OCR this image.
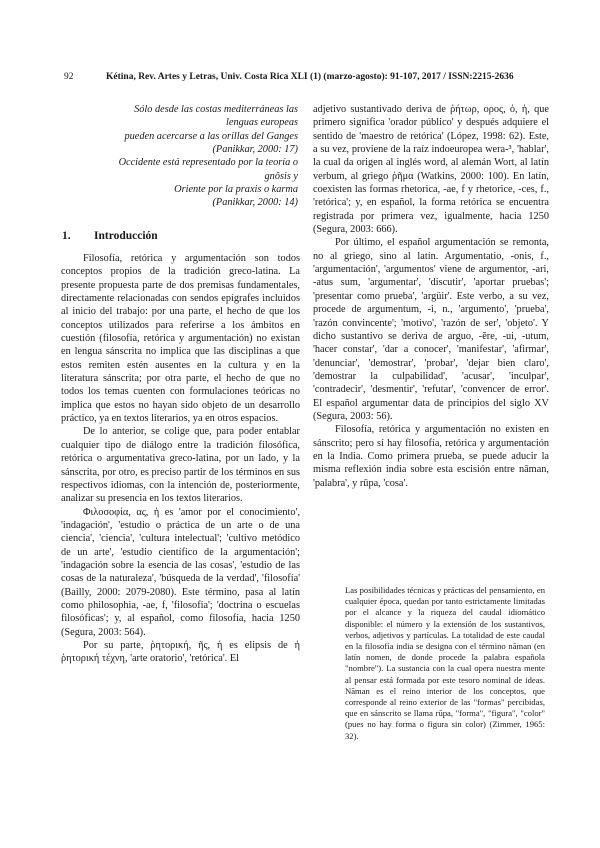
92	Kétina, Rev. Artes y Letras, Univ. Costa Rica XLI (1) (marzo-agosto): 91-107, 2017 / ISSN:2215-2636

Sólo desde las costas mediterráneas las

lenguas europeas

pueden acercarse a las orillas del Ganges

(Panikkar, 2000: 17)

Occidente está representado por la teoría o

gnôsis y

Oriente por la praxis o karma

(Panikkar, 2000: 14)

1. Introducción

Filosofía, retórica y argumentación son todos conceptos propios de la tradición greco-latina. La presente propuesta parte de dos premisas fundamentales, directamente relacionadas con sendos epígrafes incluidos al inicio del trabajo: por una parte, el hecho de que los conceptos utilizados para referirse a los ámbitos en cuestión (filosofía, retórica y argumentación) no existan en lengua sánscrita no implica que las disciplinas a que estos remiten estén ausentes en la cultura y en la literatura sánscrita; por otra parte, el hecho de que no todos los temas cuenten con formulaciones teóricas no implica que estos no hayan sido objeto de un desarrollo práctico, ya en textos literarios, ya en otros espacios.

De lo anterior, se colige que, para poder entablar cualquier tipo de diálogo entre la tradición filosófica, retórica o argumentativa greco-latina, por un lado, y la sánscrita, por otro, es preciso partir de los términos en sus respectivos idiomas, con la intención de, posteriormente, analizar su presencia en los textos literarios.

Φιλοσοφία, ας, ἡ es 'amor por el conocimiento', 'indagación', 'estudio o práctica de un arte o de una ciencia', 'ciencia', 'cultura intelectual'; 'cultivo metódico de un arte', 'estudio científico de la argumentación'; 'indagación sobre la esencia de las cosas', 'estudio de las cosas de la naturaleza', 'búsqueda de la verdad', 'filosofía' (Bailly, 2000: 2079-2080). Este término, pasa al latín como philosophia, -ae, f, 'filosofía'; 'doctrina o escuelas filosóficas'; y, al español, como filosofía, hacia 1250 (Segura, 2003: 564).

Por su parte, ῥητορική, ῆς, ἡ es elipsis de ἡ ῥητορική τέχνη, 'arte oratorio', 'retórica'. El

adjetivo sustantivado deriva de ῥήτωρ, ορος, ὁ, ἡ, que primero significa 'orador público' y después adquiere el sentido de 'maestro de retórica' (López, 1998: 62). Este, a su vez, proviene de la raíz indoeuropea wera-³, 'hablar', la cual da origen al inglés word, al alemán Wort, al latín verbum, al griego ῥῆμα (Watkins, 2000: 100). En latín, coexisten las formas rhetorica, -ae, f y rhetorice, -ces, f., 'retórica'; y, en español, la forma retórica se encuentra registrada por primera vez, igualmente, hacia 1250 (Segura, 2003: 666).

Por último, el español argumentación se remonta, no al griego, sino al latín. Argumentatio, -onis, f., 'argumentación', 'argumentos' viene de argumentor, -ari, -atus sum, 'argumentar', 'discutir', 'aportar pruebas'; 'presentar como prueba', 'argüir'. Este verbo, a su vez, procede de argumentum, -i, n., 'argumento', 'prueba', 'razón convincente'; 'motivo', 'razón de ser', 'objeto'. Y dicho sustantivo se deriva de arguo, -ĕre, -ui, -utum, 'hacer constar', 'dar a conocer', 'manifestar', 'afirmar', 'denunciar', 'demostrar', 'probar', 'dejar bien claro', 'demostrar la culpabilidad', 'acusar', 'inculpar', 'contradecir', 'desmentir', 'refutar', 'convencer de error'. El español argumentar data de principios del siglo XV (Segura, 2003: 56).

Filosofía, retórica y argumentación no existen en sánscrito; pero sí hay filosofía, retórica y argumentación en la India. Como primera prueba, se puede aducir la misma reflexión india sobre esta escisión entre nāman, 'palabra', y rūpa, 'cosa'.

Las posibilidades técnicas y prácticas del pensamiento, en cualquier época, quedan por tanto estrictamente limitadas por el alcance y la riqueza del caudal idiomático disponible: el número y la extensión de los sustantivos, verbos, adjetivos y partículas. La totalidad de este caudal en la filosofía india se designa con el término nāman (en latín nomen, de donde procede la palabra española "nombre"). La sustancia con la cual opera nuestra mente al pensar está formada por este tesoro nominal de ideas. Nāman es el reino interior de los conceptos, que corresponde al reino exterior de las "formas" percibidas, que en sánscrito se llama rūpa, "forma", "figura", "color" (pues no hay forma o figura sin color) (Zimmer, 1965: 32).
